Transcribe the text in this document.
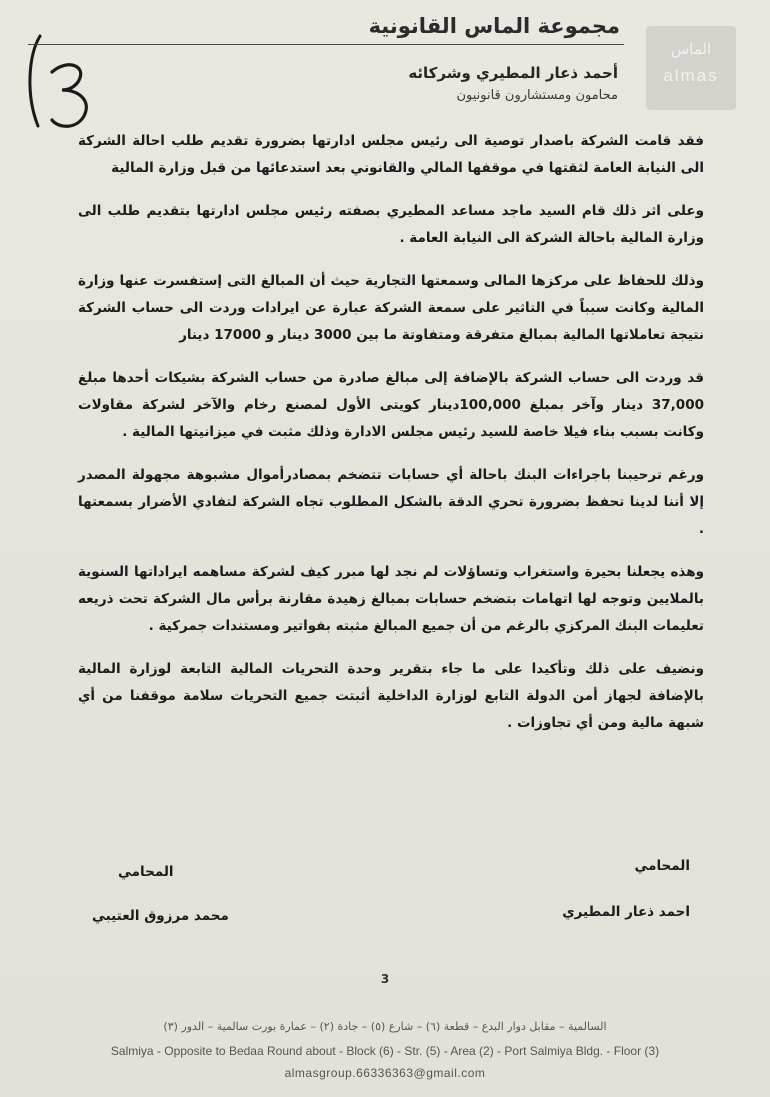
مجموعة الماس القانونية
أحمد ذعار المطيري وشركائه
محامون ومستشارون قانونيون
الماس
almas

فقد قامت الشركة باصدار توصية الى رئيس مجلس ادارتها بضرورة تقديم طلب احالة الشركة الى النيابة العامة لثقتها في موقفها المالي والقانوني بعد استدعائها من قبل وزارة المالية

وعلى اثر ذلك قام السيد ماجد مساعد المطيري بصفته رئيس مجلس ادارتها بتقديم طلب الى وزارة المالية باحالة الشركة الى النيابة العامة .

وذلك للحفاظ على مركزها المالى وسمعتها التجارية حيث أن المبالغ التى إستفسرت عنها وزارة المالية وكانت سبباً في التاثير على سمعة الشركة عبارة عن ايرادات وردت الى حساب الشركة نتيجة تعاملاتها المالية بمبالغ متفرقة ومتفاوتة ما بين 3000 دينار و 17000 دينار

قد وردت الى حساب الشركة بالإضافة إلى مبالغ صادرة من حساب الشركة بشيكات أحدها مبلغ 37,000 دينار وآخر بمبلغ 100,000دينار كويتى الأول لمصنع رخام والآخر لشركة مقاولات وكانت بسبب بناء فيلا خاصة للسيد رئيس مجلس الادارة وذلك مثبت في ميزانيتها المالية .

ورغم ترحيبنا باجراءات البنك باحالة أي حسابات تتضخم بمصادرأموال مشبوهة مجهولة المصدر إلا أننا لدينا تحفظ بضرورة تحري الدقة بالشكل المطلوب تجاه الشركة لتفادي الأضرار بسمعتها .

وهذه يجعلنا بحيرة واستغراب وتساؤلات لم نجد لها مبرر كيف لشركة مساهمه ايراداتها السنوية بالملايين وتوجه لها اتهامات بتضخم حسابات بمبالغ زهيدة مقارنة برأس مال الشركة تحت ذريعه تعليمات البنك المركزي بالرغم من أن جميع المبالغ مثبته بفواتير ومستندات جمركية .

ونضيف على ذلك وتأكيدا على ما جاء بتقرير وحدة التحريات المالية التابعة لوزارة المالية بالإضافة لجهاز أمن الدولة التابع لوزارة الداخلية أثبتت جميع التحريات سلامة موقفنا من أي شبهة مالية ومن أي تجاوزات .

المحامي
احمد ذعار المطيري
المحامي
محمد مرزوق العتيبي
3
السالمية – مقابل دوار البدع – قطعة (٦) – شارع (٥) – جادة (٢) – عمارة بورت سالمية – الدور (٣)
Salmiya - Opposite to Bedaa Round about - Block (6) - Str. (5) - Area (2) - Port Salmiya Bldg. - Floor (3)
almasgroup.66336363@gmail.com
